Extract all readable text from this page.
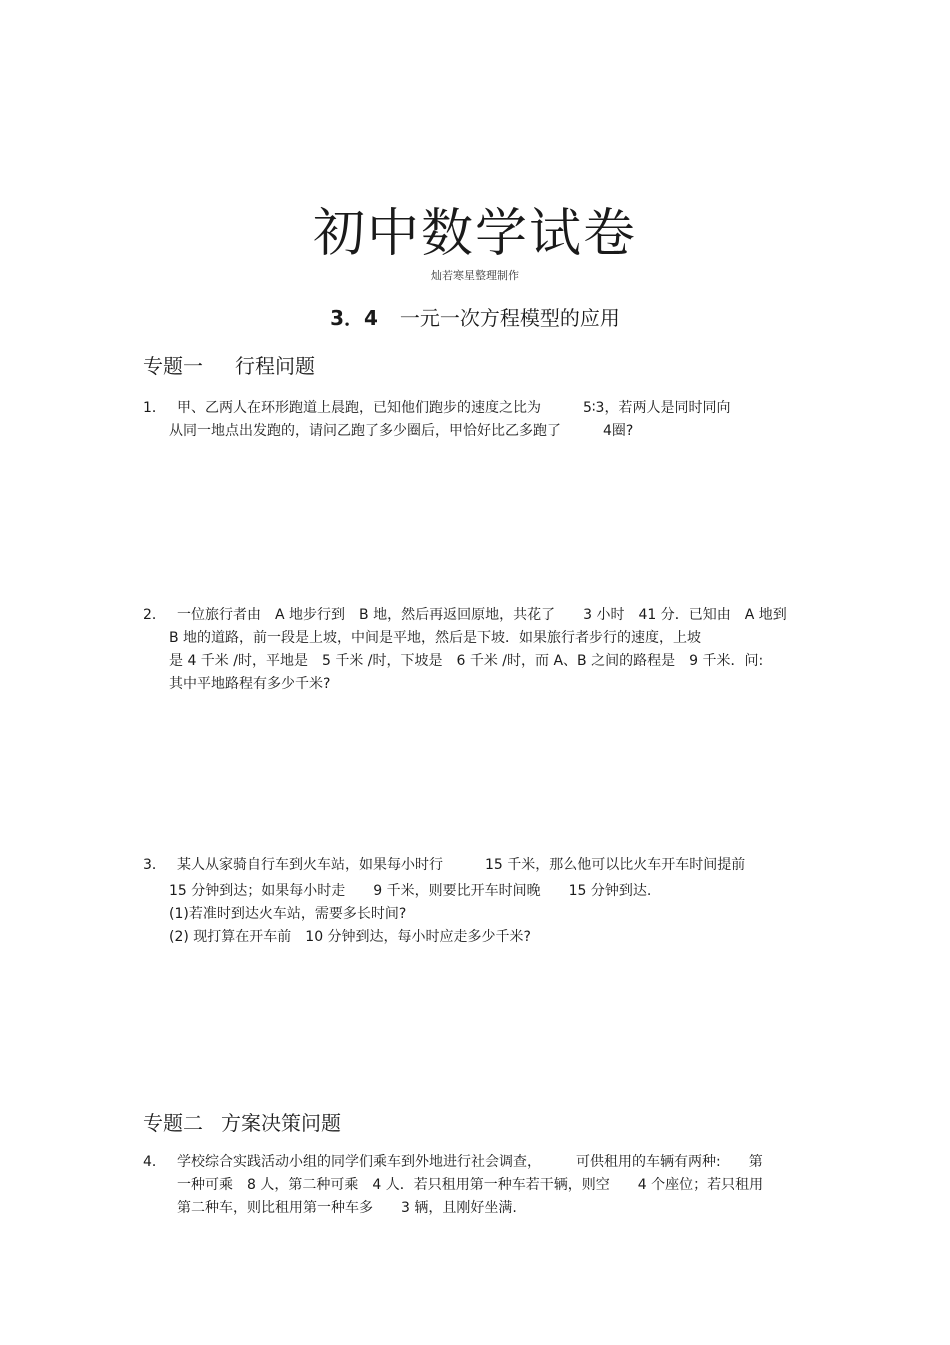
初中数学试卷
灿若寒星整理制作
3．4 一元一次方程模型的应用
专题一 行程问题
1． 甲、乙两人在环形跑道上晨跑，已知他们跑步的速度之比为　　　5∶3，若两人是同时同向
从同一地点出发跑的，请问乙跑了多少圈后，甲恰好比乙多跑了　　　4圈?
2． 一位旅行者由　A 地步行到　B 地，然后再返回原地，共花了　　3 小时　41 分．已知由　A 地到
B 地的道路，前一段是上坡，中间是平地，然后是下坡．如果旅行者步行的速度，上坡
是 4 千米 /时，平地是　5 千米 /时，下坡是　6 千米 /时，而 A、B 之间的路程是　9 千米．问:
其中平地路程有多少千米?
3． 某人从家骑自行车到火车站，如果每小时行　　　15 千米，那么他可以比火车开车时间提前
15 分钟到达；如果每小时走　　9 千米，则要比开车时间晚　　15 分钟到达.
(1)若准时到达火车站，需要多长时间?
(2) 现打算在开车前　10 分钟到达，每小时应走多少千米?
专题二 方案决策问题
4． 学校综合实践活动小组的同学们乘车到外地进行社会调查，　　　可供租用的车辆有两种:　　第
一种可乘　8 人，第二种可乘　4 人．若只租用第一种车若干辆，则空　　4 个座位；若只租用
第二种车，则比租用第一种车多　　3 辆，且刚好坐满.
